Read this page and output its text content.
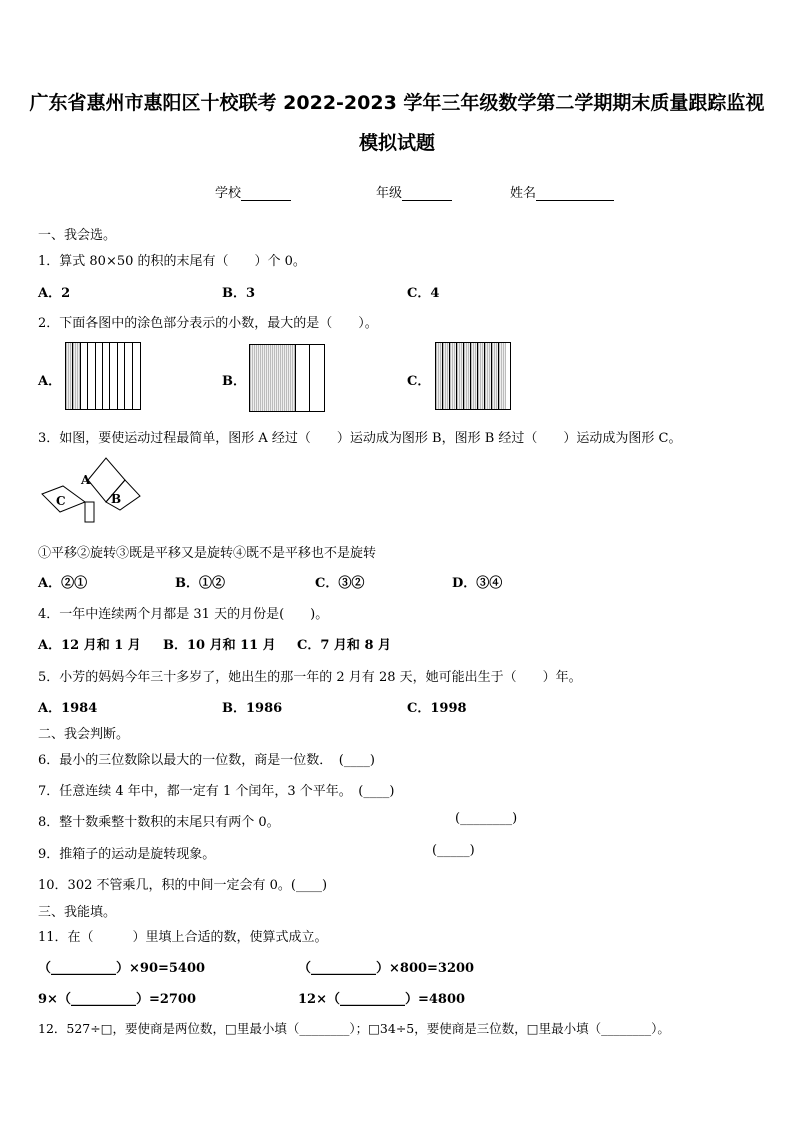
广东省惠州市惠阳区十校联考 2022-2023 学年三年级数学第二学期期末质量跟踪监视
模拟试题
学校	年级	姓名
一、我会选。
1．算式 80×50 的积的末尾有（　　）个 0。
A．2	B．3	C．4
2．下面各图中的涂色部分表示的小数，最大的是（　　）。
A．	B．	C．
3．如图，要使运动过程最简单，图形 A 经过（　　）运动成为图形 B，图形 B 经过（　　）运动成为图形 C。
A
B
C
①平移②旋转③既是平移又是旋转④既不是平移也不是旋转
A．②①	B．①②	C．③②	D．③④
4．一年中连续两个月都是 31 天的月份是(　　)。
A．12 月和 1 月 B．10 月和 11 月 C．7 月和 8 月
5．小芳的妈妈今年三十多岁了，她出生的那一年的 2 月有 28 天，她可能出生于（　　）年。
A．1984	B．1986	C．1998
二、我会判断。
6．最小的三位数除以最大的一位数，商是一位数．　(____)
7．任意连续 4 年中，都一定有 1 个闰年，3 个平年。　(____)
8．整十数乘整十数积的末尾只有两个 0。	(________)
9．推箱子的运动是旋转现象。	(_____)
10．302 不管乘几，积的中间一定会有 0。(____)
三、我能填。
11．在（　　　）里填上合适的数，使算式成立。
（__________）×90=5400	（__________）×800=3200
9×（__________）=2700	12×（__________）=4800
12．527÷□，要使商是两位数，□里最小填（________）；□34÷5，要使商是三位数，□里最小填（________）。
